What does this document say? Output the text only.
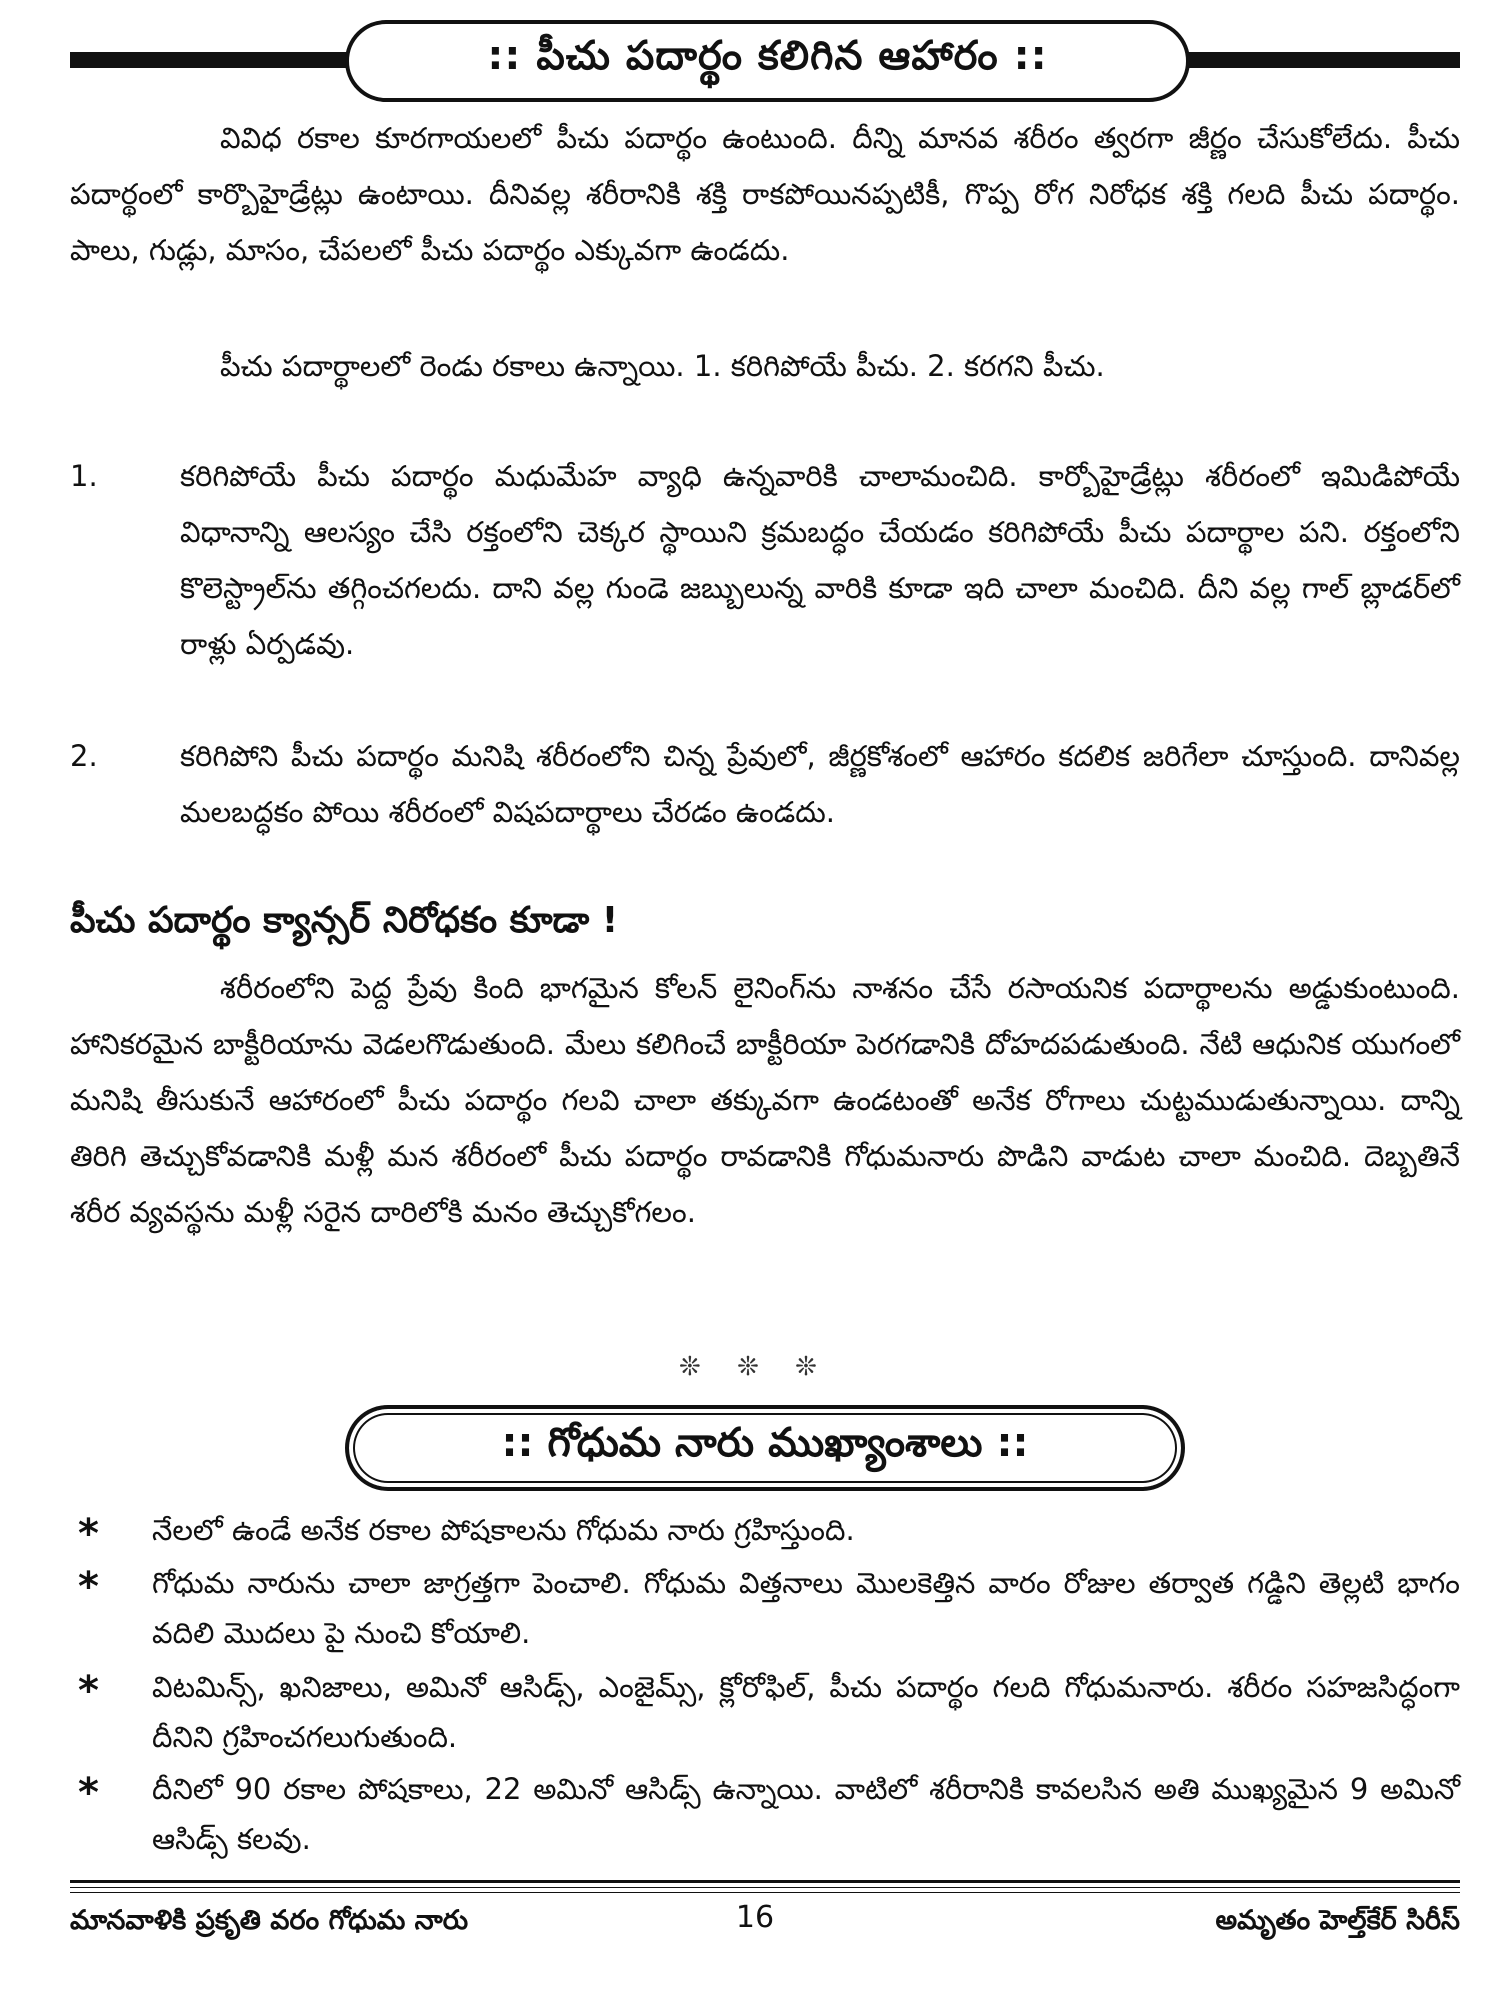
:: పీచు పదార్థం కలిగిన ఆహారం ::
వివిధ రకాల కూరగాయలలో పీచు పదార్థం ఉంటుంది. దీన్ని మానవ శరీరం త్వరగా జీర్ణం చేసుకోలేదు. పీచు పదార్థంలో కార్బొహైడ్రేట్లు ఉంటాయి. దీనివల్ల శరీరానికి శక్తి రాకపోయినప్పటికీ, గొప్ప రోగ నిరోధక శక్తి గలది పీచు పదార్థం. పాలు, గుడ్లు, మాసం, చేపలలో పీచు పదార్థం ఎక్కువగా ఉండదు.
పీచు పదార్థాలలో రెండు రకాలు ఉన్నాయి. 1. కరిగిపోయే పీచు. 2. కరగని పీచు.
1.	కరిగిపోయే పీచు పదార్థం మధుమేహ వ్యాధి ఉన్నవారికి చాలామంచిది. కార్బోహైడ్రేట్లు శరీరంలో ఇమిడిపోయే విధానాన్ని ఆలస్యం చేసి రక్తంలోని చెక్కర స్థాయిని క్రమబద్ధం చేయడం కరిగిపోయే పీచు పదార్థాల పని. రక్తంలోని కొలెస్ట్రాల్‌ను తగ్గించగలదు. దాని వల్ల గుండె జబ్బులున్న వారికి కూడా ఇది చాలా మంచిది. దీని వల్ల గాల్ బ్లాడర్‌లో రాళ్లు ఏర్పడవు.
2.	కరిగిపోని పీచు పదార్థం మనిషి శరీరంలోని చిన్న ప్రేవులో, జీర్ణకోశంలో ఆహారం కదలిక జరిగేలా చూస్తుంది. దానివల్ల మలబద్ధకం పోయి శరీరంలో విషపదార్థాలు చేరడం ఉండదు.
పీచు పదార్థం క్యాన్సర్ నిరోధకం కూడా !
శరీరంలోని పెద్ద ప్రేవు కింది భాగమైన కోలన్ లైనింగ్‌ను నాశనం చేసే రసాయనిక పదార్థాలను అడ్డుకుంటుంది. హానికరమైన బాక్టీరియాను వెడలగొడుతుంది. మేలు కలిగించే బాక్టీరియా పెరగడానికి దోహదపడుతుంది. నేటి ఆధునిక యుగంలో మనిషి తీసుకునే ఆహారంలో పీచు పదార్థం గలవి చాలా తక్కువగా ఉండటంతో అనేక రోగాలు చుట్టముడుతున్నాయి. దాన్ని తిరిగి తెచ్చుకోవడానికి మళ్లీ మన శరీరంలో పీచు పదార్థం రావడానికి గోధుమనారు పొడిని వాడుట చాలా మంచిది. దెబ్బతినే శరీర వ్యవస్థను మళ్లీ సరైన దారిలోకి మనం తెచ్చుకోగలం.
❊ ❊ ❊
:: గోధుమ నారు ముఖ్యాంశాలు ::
* నేలలో ఉండే అనేక రకాల పోషకాలను గోధుమ నారు గ్రహిస్తుంది.
* గోధుమ నారును చాలా జాగ్రత్తగా పెంచాలి. గోధుమ విత్తనాలు మొలకెత్తిన వారం రోజుల తర్వాత గడ్డిని తెల్లటి భాగం వదిలి మొదలు పై నుంచి కోయాలి.
* విటమిన్స్, ఖనిజాలు, అమినో ఆసిడ్స్, ఎంజైమ్స్, క్లోరోఫిల్, పీచు పదార్థం గలది గోధుమనారు. శరీరం సహజసిద్ధంగా దీనిని గ్రహించగలుగుతుంది.
* దీనిలో 90 రకాల పోషకాలు, 22 అమినో ఆసిడ్స్ ఉన్నాయి. వాటిలో శరీరానికి కావలసిన అతి ముఖ్యమైన 9 అమినో ఆసిడ్స్ కలవు.
16
మానవాళికి ప్రకృతి వరం గోధుమ నారు	అమృతం హెల్త్‌కేర్ సిరీస్
